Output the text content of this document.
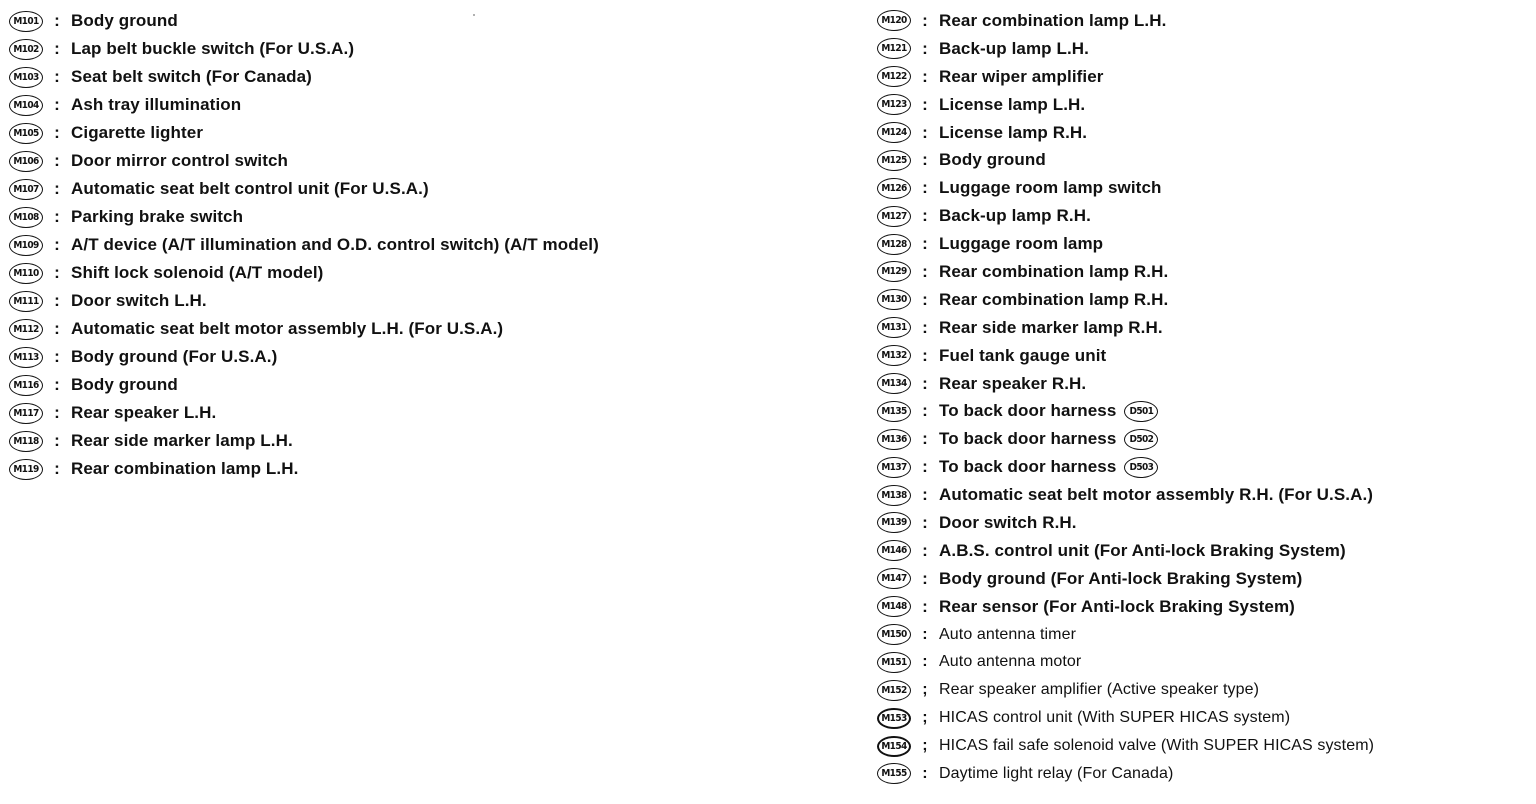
M101 : Body ground
M102 : Lap belt buckle switch (For U.S.A.)
M103 : Seat belt switch (For Canada)
M104 : Ash tray illumination
M105 : Cigarette lighter
M106 : Door mirror control switch
M107 : Automatic seat belt control unit (For U.S.A.)
M108 : Parking brake switch
M109 : A/T device (A/T illumination and O.D. control switch) (A/T model)
M110 : Shift lock solenoid (A/T model)
M111 : Door switch L.H.
M112 : Automatic seat belt motor assembly L.H. (For U.S.A.)
M113 : Body ground (For U.S.A.)
M116 : Body ground
M117 : Rear speaker L.H.
M118 : Rear side marker lamp L.H.
M119 : Rear combination lamp L.H.
M120 : Rear combination lamp L.H.
M121 : Back-up lamp L.H.
M122 : Rear wiper amplifier
M123 : License lamp L.H.
M124 : License lamp R.H.
M125 : Body ground
M126 : Luggage room lamp switch
M127 : Back-up lamp R.H.
M128 : Luggage room lamp
M129 : Rear combination lamp R.H.
M130 : Rear combination lamp R.H.
M131 : Rear side marker lamp R.H.
M132 : Fuel tank gauge unit
M134 : Rear speaker R.H.
M135 : To back door harness	D501
M136 : To back door harness	D502
M137 : To back door harness	D503
M138 : Automatic seat belt motor assembly R.H. (For U.S.A.)
M139 : Door switch R.H.
M146 : A.B.S. control unit (For Anti-lock Braking System)
M147 : Body ground (For Anti-lock Braking System)
M148 : Rear sensor (For Anti-lock Braking System)
M150 : Auto antenna timer
M151 : Auto antenna motor
M152 ; Rear speaker amplifier (Active speaker type)
M153 ; HICAS control unit (With SUPER HICAS system)
M154 ; HICAS fail safe solenoid valve (With SUPER HICAS system)
M155 : Daytime light relay (For Canada)
